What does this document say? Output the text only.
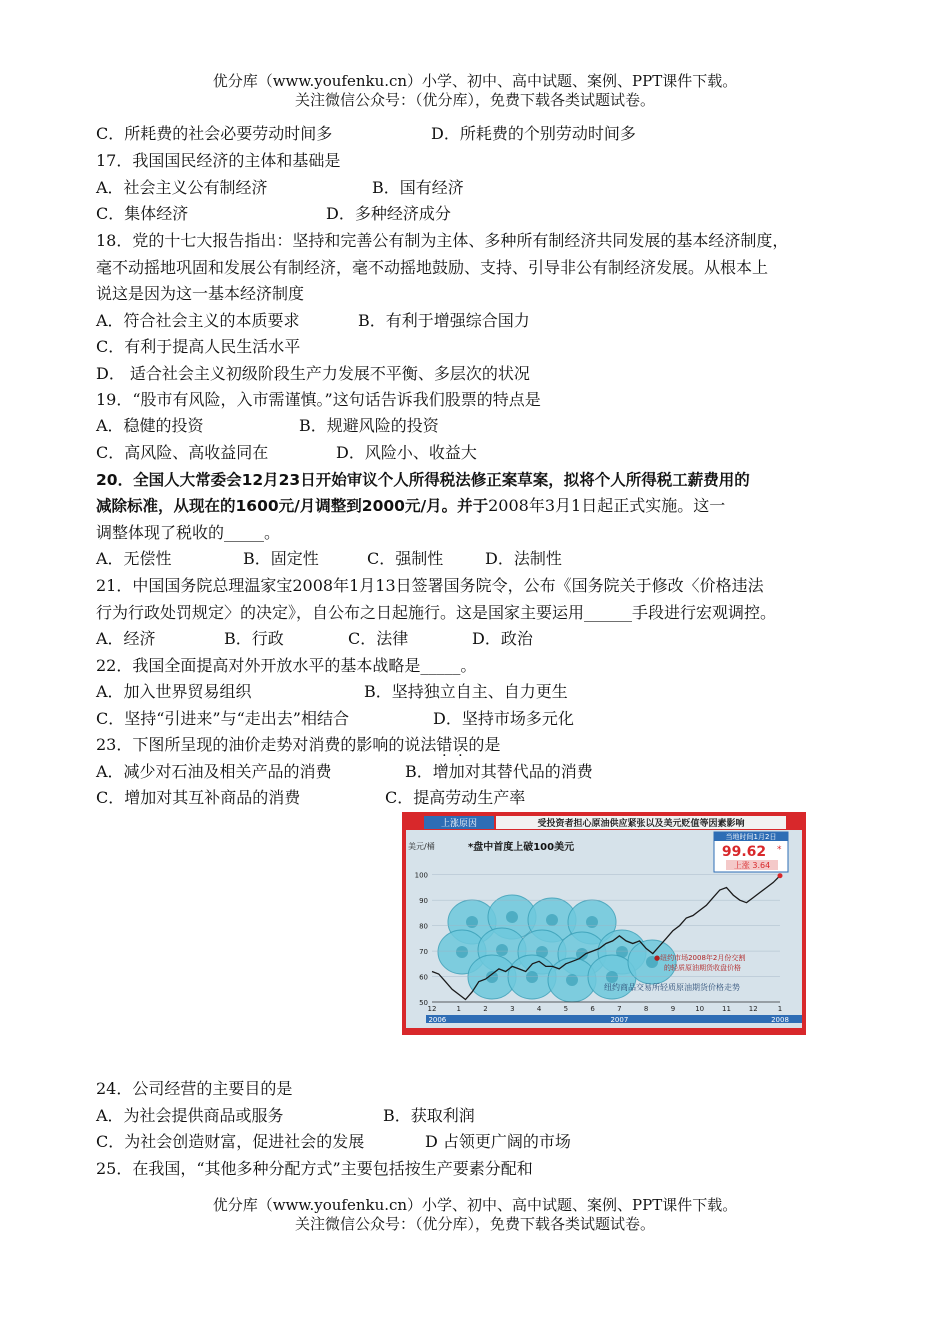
优分库（www.youfenku.cn）小学、初中、高中试题、案例、PPT课件下载。
关注微信公众号：（优分库），免费下载各类试题试卷。
C．所耗费的社会必要劳动时间多	D．所耗费的个别劳动时间多
17．我国国民经济的主体和基础是
A．社会主义公有制经济	B．国有经济
C．集体经济	D．多种经济成分
18．党的十七大报告指出：坚持和完善公有制为主体、多种所有制经济共同发展的基本经济制度，
毫不动摇地巩固和发展公有制经济，毫不动摇地鼓励、支持、引导非公有制经济发展。从根本上
说这是因为这一基本经济制度
A．符合社会主义的本质要求	B．有利于增强综合国力
C．有利于提高人民生活水平
D． 适合社会主义初级阶段生产力发展不平衡、多层次的状况
19．“股市有风险，入市需谨慎。”这句话告诉我们股票的特点是
A．稳健的投资	B．规避风险的投资
C．高风险、高收益同在	D．风险小、收益大
20．全国人大常委会12月23日开始审议个人所得税法修正案草案，拟将个人所得税工薪费用的
减除标准，从现在的1600元/月调整到2000元/月。并于2008年3月1日起正式实施。这一
调整体现了税收的_____。
A．无偿性	B．固定性	C．强制性	D．法制性
21．中国国务院总理温家宝2008年1月13日签署国务院令，公布《国务院关于修改〈价格违法
行为行政处罚规定〉的决定》，自公布之日起施行。这是国家主要运用______手段进行宏观调控。
A．经济	B．行政	C．法律	D．政治
22．我国全面提高对外开放水平的基本战略是_____。
A．加入世界贸易组织	B．坚持独立自主、自力更生
C．坚持“引进来”与“走出去”相结合	D．坚持市场多元化
23．下图所呈现的油价走势对消费的影响的说法错误的是
A．减少对石油及相关产品的消费	B．增加对其替代品的消费
C．增加对其互补商品的消费	C．提高劳动生产率
上涨原因	受投资者担心原油供应紧张以及美元贬值等因素影响
美元/桶	*盘中首度上破100美元
当地时间1月2日
99.62 *
上涨 3.64
100
90
80
70
60
50
12	1	2	3	4	5	6	7	8	9	10	11	12	1
●纽约市场2008年2月份交割
的轻质原油期货收盘价格
纽约商品交易所轻质原油期货价格走势
2006	2007	2008
24．公司经营的主要目的是
A．为社会提供商品或服务	B．获取利润
C．为社会创造财富，促进社会的发展	D 占领更广阔的市场
25．在我国，“其他多种分配方式”主要包括按生产要素分配和
优分库（www.youfenku.cn）小学、初中、高中试题、案例、PPT课件下载。
关注微信公众号：（优分库），免费下载各类试题试卷。
